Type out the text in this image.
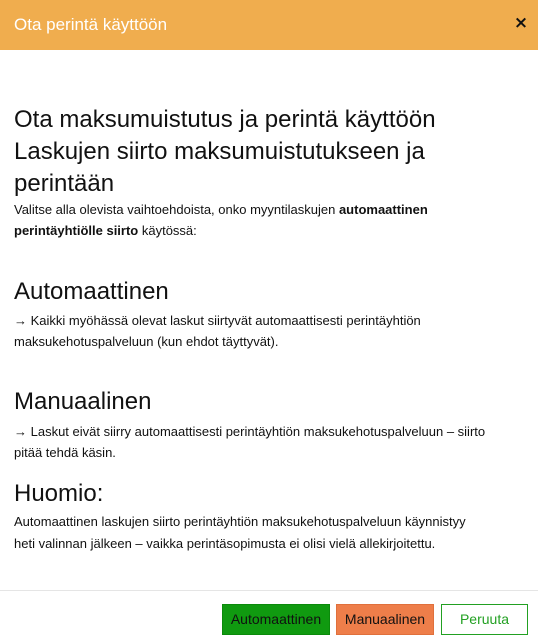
Ota perintä käyttöön	×
Ota maksumuistutus ja perintä käyttöön
Laskujen siirto maksumuistutukseen ja
perintään

Valitse alla olevista vaihtoehdoista, onko myyntilaskujen automaattinen

perintäyhtiölle siirto käytössä:

Automaattinen

→ Kaikki myöhässä olevat laskut siirtyvät automaattisesti perintäyhtiön

maksukehotuspalveluun (kun ehdot täyttyvät).

Manuaalinen

→ Laskut eivät siirry automaattisesti perintäyhtiön maksukehotuspalveluun – siirto

pitää tehdä käsin.

Huomio:

Automaattinen laskujen siirto perintäyhtiön maksukehotuspalveluun käynnistyy

heti valinnan jälkeen – vaikka perintäsopimusta ei olisi vielä allekirjoitettu.

Automaattinen	Manuaalinen	Peruuta
